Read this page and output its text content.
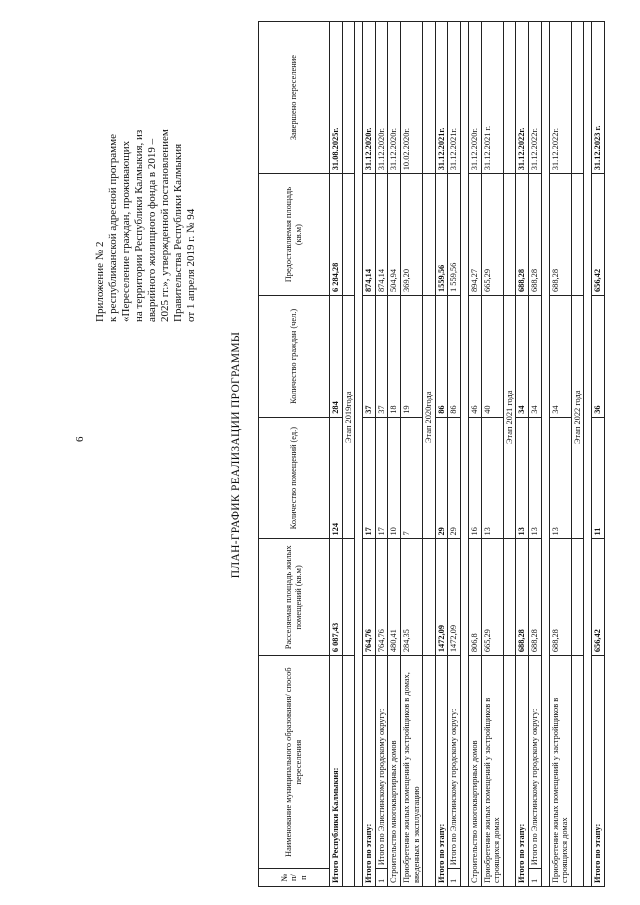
6
Приложение № 2 к республиканской адресной программе «Переселение граждан, проживающих на территории Республики Калмыкия, из аварийного жилищного фонда в 2019 – 2025 гг.», утвержденной постановлением Правительства Республики Калмыкия от 1 апреля 2019 г. № 94
ПЛАН-ГРАФИК РЕАЛИЗАЦИИ ПРОГРАММЫ
№ п/п	Наименование муниципального образования/ способ переселения	Расселяемая площадь жилых помещений (кв.м)	Количество помещений (ед.)	Количество граждан (чел.)	Предоставляемая площадь (кв.м)	Завершено переселение
Итого Республики Калмыкия:		6 087,43	124	284	6 284,28	31.08.2025г.
			Этап 2019года			

Итого по этапу:		764,76	17	37	874,14	31.12.2020г.
1	Итого по Элистинскому городскому округу:	764,76	17	37	874,14	31.12.2020г.
Строительство многоквартирных домов		480,41	10	18	504,94	31.12.2020г.
Приобретение жилых помещений у застройщиков в домах, введенных в эксплуатацию		284,35	7	19	369,20	10.02.2020г.
			Этап 2020года			
Итого по этапу:		1472,09	29	86	1559,56	31.12.2021г.
1	Итого по Элистинскому городскому округу:	1472,09	29	86	1 559,56	31.12.2021г.

Строительство многоквартирных домов		806,8	16	46	894,27	31.12.2020г.
Приобретение жилых помещений у застройщиков в строящихся домах		665,29	13	40	665,29	31.12.2021 г.
			Этап 2021 года			
Итого по этапу:		688,28	13	34	688,28	31.12.2022г.
1	Итого по Элистинскому городскому округу:	688,28	13	34	688,28	31.12.2022г.

Приобретение жилых помещений у застройщиков в строящихся домах		688,28	13	34	688,28	31.12.2022г.
			Этап 2022 года			

Итого по этапу:		656,42	11	36	656,42	31.12.2023 г.
